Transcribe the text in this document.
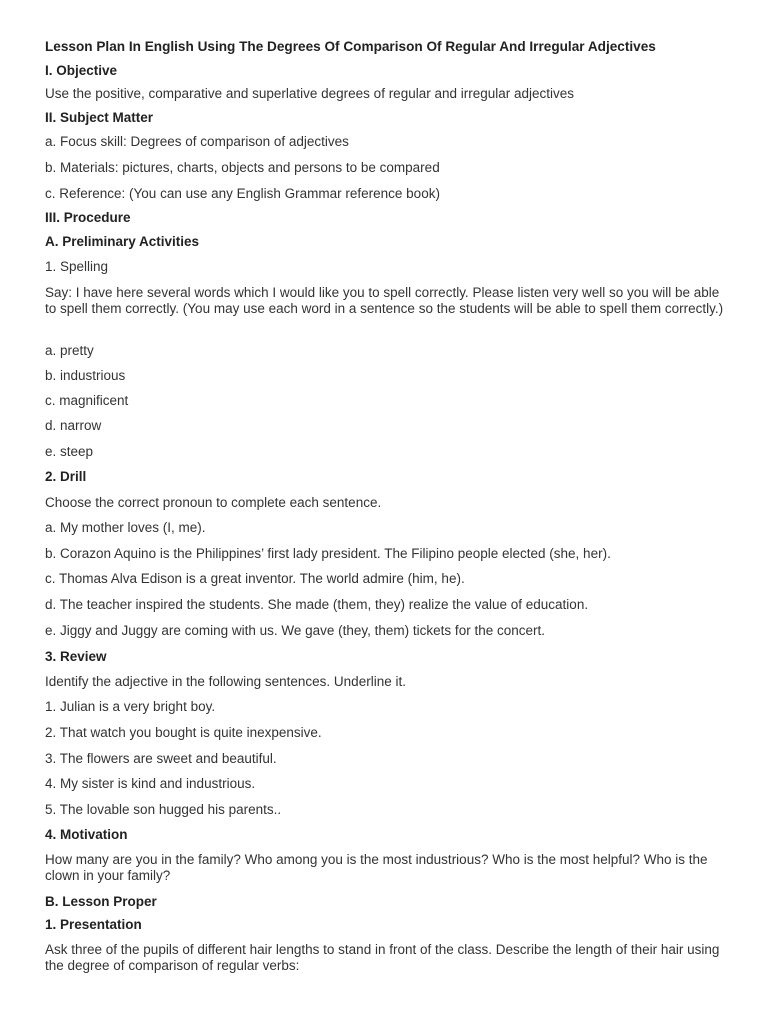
Lesson Plan In English Using The Degrees Of Comparison Of Regular And Irregular Adjectives
I. Objective
Use the positive, comparative and superlative degrees of regular and irregular adjectives
II. Subject Matter
a. Focus skill: Degrees of comparison of adjectives
b. Materials: pictures, charts, objects and persons to be compared
c. Reference: (You can use any English Grammar reference book)
III. Procedure
A. Preliminary Activities
1. Spelling
Say: I have here several words which I would like you to spell correctly. Please listen very well so you will be able to spell them correctly. (You may use each word in a sentence so the students will be able to spell them correctly.)
a. pretty
b. industrious
c. magnificent
d. narrow
e. steep
2. Drill
Choose the correct pronoun to complete each sentence.
a. My mother loves (I, me).
b. Corazon Aquino is the Philippines’ first lady president. The Filipino people elected (she, her).
c. Thomas Alva Edison is a great inventor. The world admire (him, he).
d. The teacher inspired the students. She made (them, they) realize the value of education.
e. Jiggy and Juggy are coming with us. We gave (they, them) tickets for the concert.
3. Review
Identify the adjective in the following sentences. Underline it.
1. Julian is a very bright boy.
2. That watch you bought is quite inexpensive.
3. The flowers are sweet and beautiful.
4. My sister is kind and industrious.
5. The lovable son hugged his parents..
4. Motivation
How many are you in the family? Who among you is the most industrious? Who is the most helpful? Who is the clown in your family?
B. Lesson Proper
1. Presentation
Ask three of the pupils of different hair lengths to stand in front of the class. Describe the length of their hair using the degree of comparison of regular verbs:
